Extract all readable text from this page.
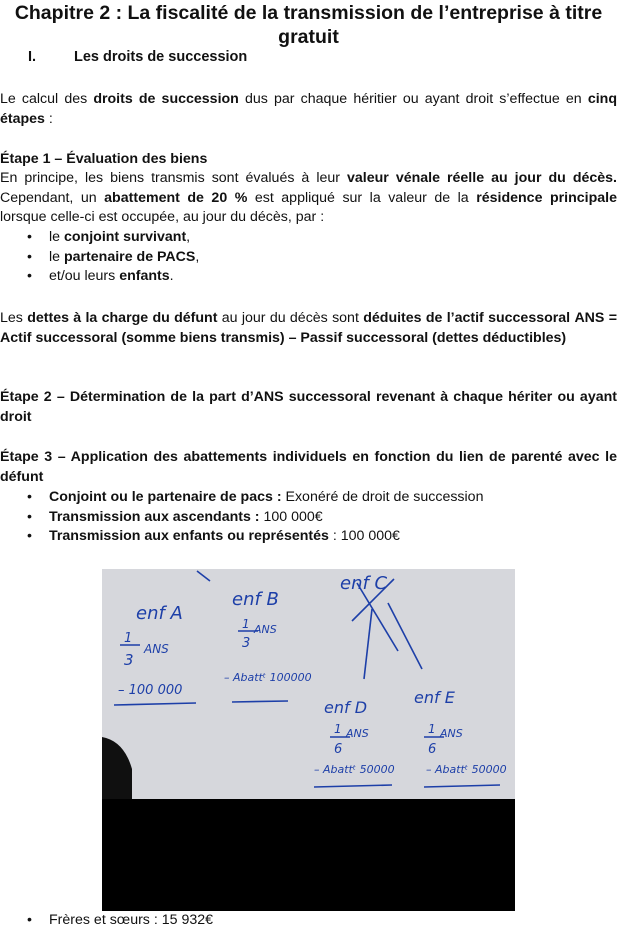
Chapitre 2 : La fiscalité de la transmission de l’entreprise à titre gratuit
I.	Les droits de succession

Le calcul des droits de succession dus par chaque héritier ou ayant droit s’effectue en cinq étapes :

Étape 1 – Évaluation des biens

En principe, les biens transmis sont évalués à leur valeur vénale réelle au jour du décès. Cependant, un abattement de 20 % est appliqué sur la valeur de la résidence principale lorsque celle-ci est occupée, au jour du décès, par :

• le conjoint survivant,
• le partenaire de PACS,
• et/ou leurs enfants.

Les dettes à la charge du défunt au jour du décès sont déduites de l’actif successoral ANS = Actif successoral (somme biens transmis) – Passif successoral (dettes déductibles)

Étape 2 – Détermination de la part d’ANS successoral revenant à chaque hériter ou ayant droit

Étape 3 – Application des abattements individuels en fonction du lien de parenté avec le défunt

• Conjoint ou le partenaire de pacs : Exonéré de droit de succession
• Transmission aux ascendants : 100 000€
• Transmission aux enfants ou représentés : 100 000€
enf A
1
3
ANS
– 100 000
enf B
1
3
ANS
– Abattᵗ 100000
enf C
enf D
1
6
ANS
– Abattᵗ 50000
enf E
1
6
ANS
– Abattᵗ 50000
• Frères et sœurs : 15 932€
